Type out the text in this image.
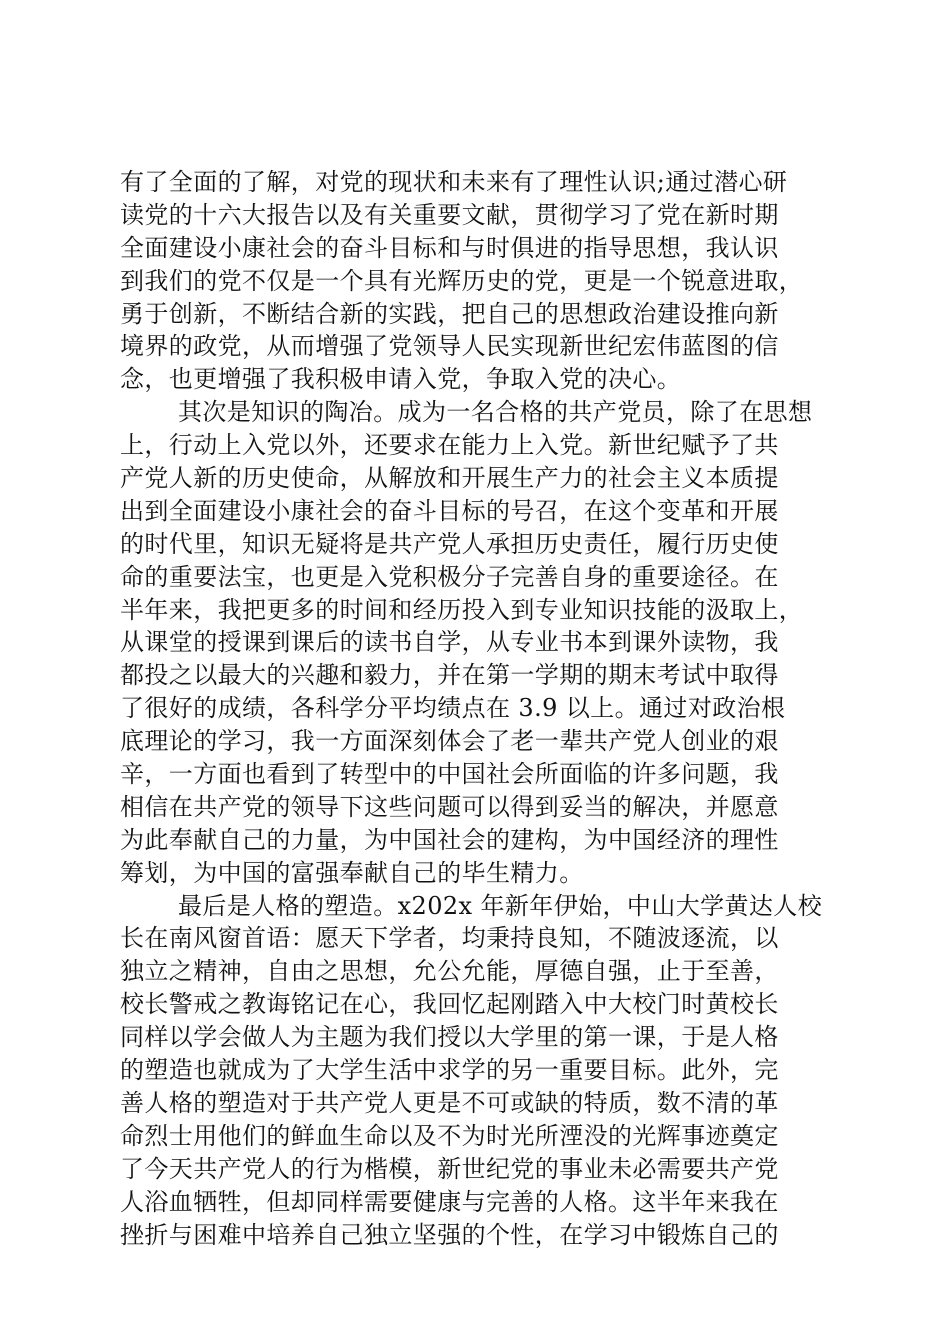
有了全面的了解，对党的现状和未来有了理性认识;通过潜心研
读党的十六大报告以及有关重要文献，贯彻学习了党在新时期
全面建设小康社会的奋斗目标和与时俱进的指导思想，我认识
到我们的党不仅是一个具有光辉历史的党，更是一个锐意进取，
勇于创新，不断结合新的实践，把自己的思想政治建设推向新
境界的政党，从而增强了党领导人民实现新世纪宏伟蓝图的信
念，也更增强了我积极申请入党，争取入党的决心。
其次是知识的陶冶。成为一名合格的共产党员，除了在思想
上，行动上入党以外，还要求在能力上入党。新世纪赋予了共
产党人新的历史使命，从解放和开展生产力的社会主义本质提
出到全面建设小康社会的奋斗目标的号召，在这个变革和开展
的时代里，知识无疑将是共产党人承担历史责任，履行历史使
命的重要法宝，也更是入党积极分子完善自身的重要途径。在
半年来，我把更多的时间和经历投入到专业知识技能的汲取上，
从课堂的授课到课后的读书自学，从专业书本到课外读物，我
都投之以最大的兴趣和毅力，并在第一学期的期末考试中取得
了很好的成绩，各科学分平均绩点在 3.9 以上。通过对政治根
底理论的学习，我一方面深刻体会了老一辈共产党人创业的艰
辛，一方面也看到了转型中的中国社会所面临的许多问题，我
相信在共产党的领导下这些问题可以得到妥当的解决，并愿意
为此奉献自己的力量，为中国社会的建构，为中国经济的理性
筹划，为中国的富强奉献自己的毕生精力。
最后是人格的塑造。x202x 年新年伊始，中山大学黄达人校
长在南风窗首语：愿天下学者，均秉持良知，不随波逐流，以
独立之精神，自由之思想，允公允能，厚德自强，止于至善，
校长警戒之教诲铭记在心，我回忆起刚踏入中大校门时黄校长
同样以学会做人为主题为我们授以大学里的第一课，于是人格
的塑造也就成为了大学生活中求学的另一重要目标。此外，完
善人格的塑造对于共产党人更是不可或缺的特质，数不清的革
命烈士用他们的鲜血生命以及不为时光所湮没的光辉事迹奠定
了今天共产党人的行为楷模，新世纪党的事业未必需要共产党
人浴血牺牲，但却同样需要健康与完善的人格。这半年来我在
挫折与困难中培养自己独立坚强的个性，在学习中锻炼自己的
